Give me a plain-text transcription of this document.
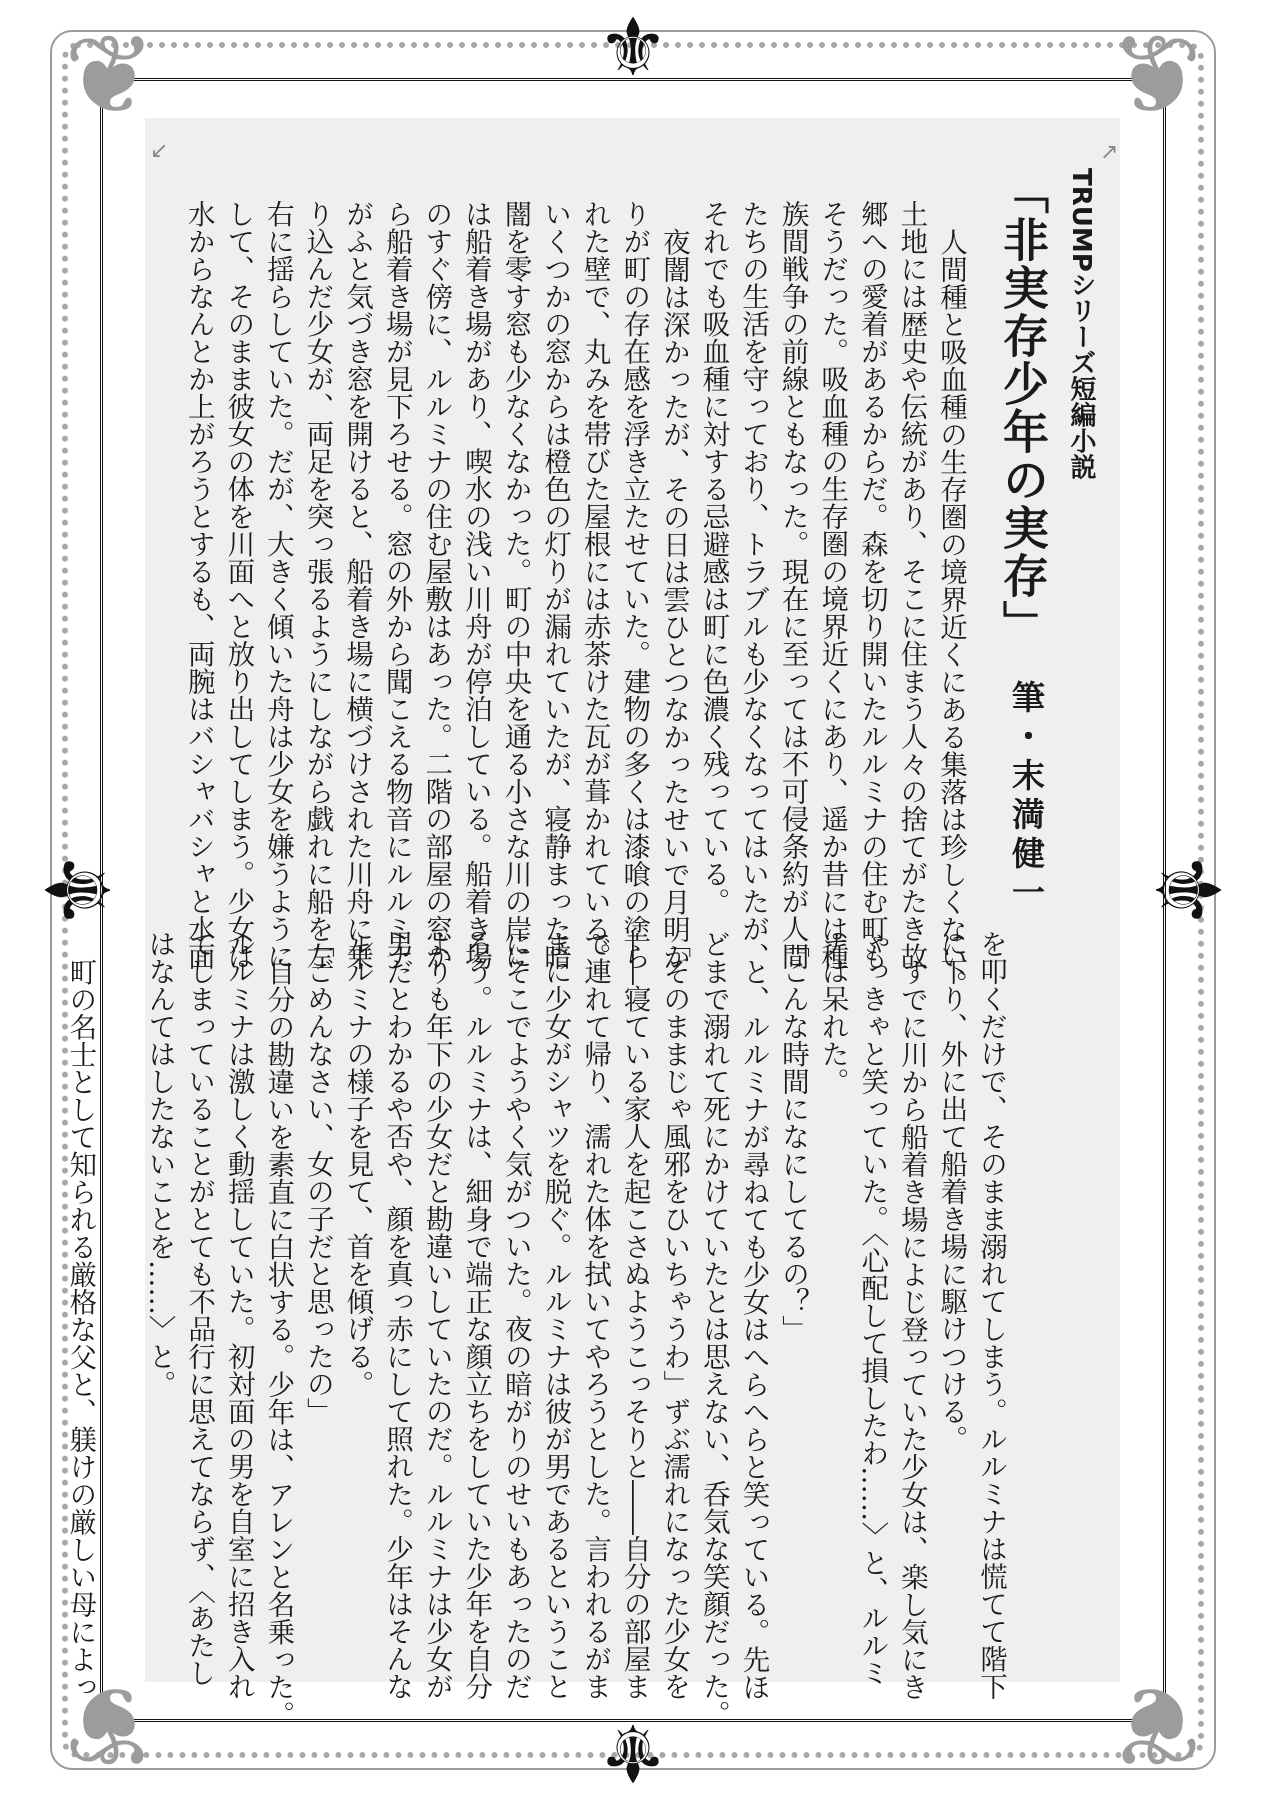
❦	❦
❦	❦
⚜
⚜
⚜	⚜
↗
↗
TRUMPシリーズ短編小説
「非実存少年の実存」
筆・末満健一
人間種と吸血種の生存圏の境界近くにある集落は珍しくない。
土地には歴史や伝統があり、そこに住まう人々の捨てがたき故
郷への愛着があるからだ。森を切り開いたルルミナの住む町も
そうだった。吸血種の生存圏の境界近くにあり、遥か昔には種
族間戦争の前線ともなった。現在に至っては不可侵条約が人間
たちの生活を守っており、トラブルも少なくなってはいたが、
それでも吸血種に対する忌避感は町に色濃く残っている。
夜闇は深かったが、その日は雲ひとつなかったせいで月明か
りが町の存在感を浮き立たせていた。建物の多くは漆喰の塗ら
れた壁で、丸みを帯びた屋根には赤茶けた瓦が葺かれている。
いくつかの窓からは橙色の灯りが漏れていたが、寝静まった暗
闇を零す窓も少なくなかった。町の中央を通る小さな川の岸に
は船着き場があり、喫水の浅い川舟が停泊している。船着き場
のすぐ傍に、ルルミナの住む屋敷はあった。二階の部屋の窓か
ら船着き場が見下ろせる。窓の外から聞こえる物音にルルミナ
がふと気づき窓を開けると、船着き場に横づけされた川舟に乗
り込んだ少女が、両足を突っ張るようにしながら戯れに船を左
右に揺らしていた。だが、大きく傾いた舟は少女を嫌うように
して、そのまま彼女の体を川面へと放り出してしまう。少女は
水からなんとか上がろうとするも、両腕はバシャバシャと水面
を叩くだけで、そのまま溺れてしまう。ルルミナは慌てて階下
に下り、外に出て船着き場に駆けつける。
すでに川から船着き場によじ登っていた少女は、楽し気にき
ゃっきゃと笑っていた。〈心配して損したわ……〉と、ルルミ
ナは呆れた。
「こんな時間になにしてるの？」
と、ルルミナが尋ねても少女はへらへらと笑っている。先ほ
どまで溺れて死にかけていたとは思えない、呑気な笑顔だった。
「そのままじゃ風邪をひいちゃうわ」ずぶ濡れになった少女を
――寝ている家人を起こさぬようこっそりと――自分の部屋ま
で連れて帰り、濡れた体を拭いてやろうとした。言われるがま
まに少女がシャツを脱ぐ。ルルミナは彼が男であるということ
にそこでようやく気がついた。夜の暗がりのせいもあったのだ
ろう。ルルミナは、細身で端正な顔立ちをしていた少年を自分
よりも年下の少女だと勘違いしていたのだ。ルルミナは少女が
男だとわかるや否や、顔を真っ赤にして照れた。少年はそんな
ルルミナの様子を見て、首を傾げる。
「ごめんなさい、女の子だと思ったの」
自分の勘違いを素直に白状する。少年は、アレンと名乗った。
ルルミナは激しく動揺していた。初対面の男を自室に招き入れ
てしまっていることがとても不品行に思えてならず、〈あたし
はなんてはしたないことを……〉と。

町の名士として知られる厳格な父と、躾けの厳しい母によっ
